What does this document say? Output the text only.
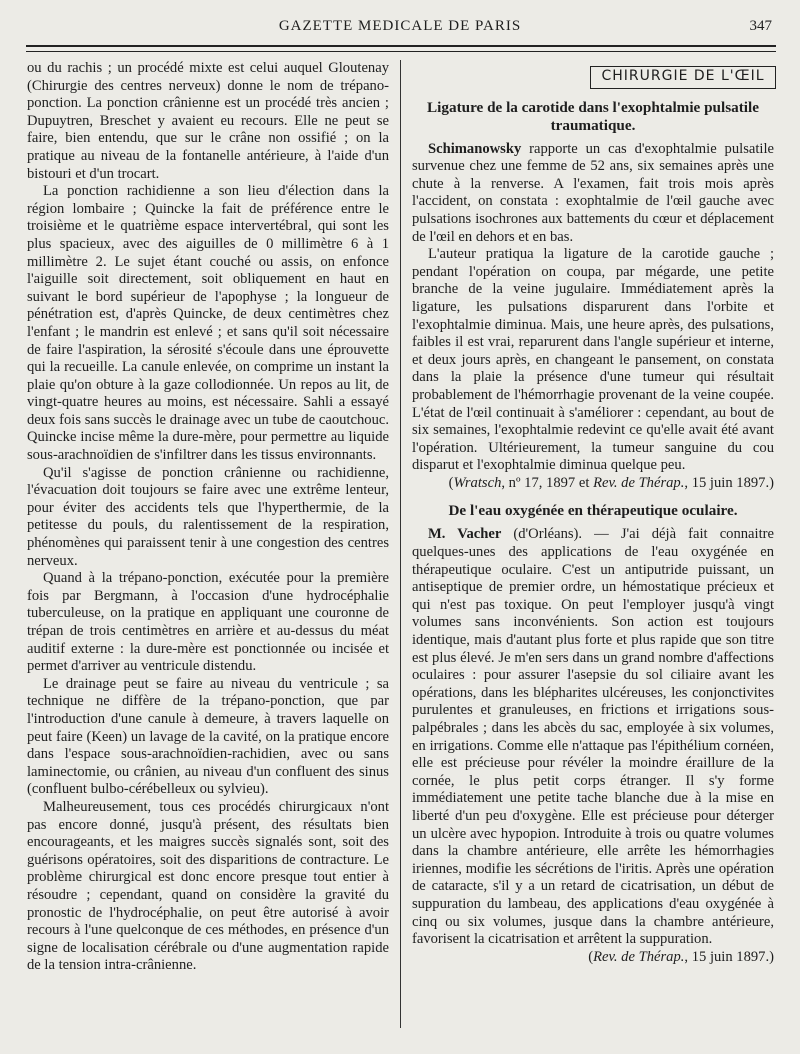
GAZETTE MEDICALE DE PARIS	347

ou du rachis ; un procédé mixte est celui auquel Gloutenay (Chirurgie des centres nerveux) donne le nom de trépano-ponction. La ponction crânienne est un procédé très ancien ; Dupuytren, Breschet y avaient eu recours. Elle ne peut se faire, bien entendu, que sur le crâne non ossifié ; on la pratique au niveau de la fontanelle antérieure, à l'aide d'un bistouri et d'un trocart.

La ponction rachidienne a son lieu d'élection dans la région lombaire ; Quincke la fait de préférence entre le troisième et le quatrième espace intervertébral, qui sont les plus spacieux, avec des aiguilles de 0 millimètre 6 à 1 millimètre 2. Le sujet étant couché ou assis, on enfonce l'aiguille soit directement, soit obliquement en haut en suivant le bord supérieur de l'apophyse ; la longueur de pénétration est, d'après Quincke, de deux centimètres chez l'enfant ; le mandrin est enlevé ; et sans qu'il soit nécessaire de faire l'aspiration, la sérosité s'écoule dans une éprouvette qui la recueille. La canule enlevée, on comprime un instant la plaie qu'on obture à la gaze collodionnée. Un repos au lit, de vingt-quatre heures au moins, est nécessaire. Sahli a essayé deux fois sans succès le drainage avec un tube de caoutchouc. Quincke incise même la dure-mère, pour permettre au liquide sous-arachnoïdien de s'infiltrer dans les tissus environnants.

Qu'il s'agisse de ponction crânienne ou rachidienne, l'évacuation doit toujours se faire avec une extrême lenteur, pour éviter des accidents tels que l'hyperthermie, de la petitesse du pouls, du ralentissement de la respiration, phénomènes qui paraissent tenir à une congestion des centres nerveux.

Quand à la trépano-ponction, exécutée pour la première fois par Bergmann, à l'occasion d'une hydrocéphalie tuberculeuse, on la pratique en appliquant une couronne de trépan de trois centimètres en arrière et au-dessus du méat auditif externe : la dure-mère est ponctionnée ou incisée et permet d'arriver au ventricule distendu.

Le drainage peut se faire au niveau du ventricule ; sa technique ne diffère de la trépano-ponction, que par l'introduction d'une canule à demeure, à travers laquelle on peut faire (Keen) un lavage de la cavité, on la pratique encore dans l'espace sous-arachnoïdien-rachidien, avec ou sans laminectomie, ou crânien, au niveau d'un confluent des sinus (confluent bulbo-cérébelleux ou sylvieu).

Malheureusement, tous ces procédés chirurgicaux n'ont pas encore donné, jusqu'à présent, des résultats bien encourageants, et les maigres succès signalés sont, soit des guérisons opératoires, soit des disparitions de contracture. Le problème chirurgical est donc encore presque tout entier à résoudre ; cependant, quand on considère la gravité du pronostic de l'hydrocéphalie, on peut être autorisé à avoir recours à l'une quelconque de ces méthodes, en présence d'un signe de localisation cérébrale ou d'une augmentation rapide de la tension intra-crânienne.

CHIRURGIE DE L'ŒIL
Ligature de la carotide dans l'exophtalmie pulsatile traumatique.

Schimanowsky rapporte un cas d'exophtalmie pulsatile survenue chez une femme de 52 ans, six semaines après une chute à la renverse. A l'examen, fait trois mois après l'accident, on constata : exophtalmie de l'œil gauche avec pulsations isochrones aux battements du cœur et déplacement de l'œil en dehors et en bas.

L'auteur pratiqua la ligature de la carotide gauche ; pendant l'opération on coupa, par mégarde, une petite branche de la veine jugulaire. Immédiatement après la ligature, les pulsations disparurent dans l'orbite et l'exophtalmie diminua. Mais, une heure après, des pulsations, faibles il est vrai, reparurent dans l'angle supérieur et interne, et deux jours après, en changeant le pansement, on constata dans la plaie la présence d'une tumeur qui résultait probablement de l'hémorrhagie provenant de la veine coupée. L'état de l'œil continuait à s'améliorer : cependant, au bout de six semaines, l'exophtalmie redevint ce qu'elle avait été avant l'opération. Ultérieurement, la tumeur sanguine du cou disparut et l'exophtalmie diminua quelque peu.

(Wratsch, nº 17, 1897 et Rev. de Thérap., 15 juin 1897.)

De l'eau oxygénée en thérapeutique oculaire.

M. Vacher (d'Orléans). — J'ai déjà fait connaitre quelques-unes des applications de l'eau oxygénée en thérapeutique oculaire. C'est un antiputride puissant, un antiseptique de premier ordre, un hémostatique précieux et qui n'est pas toxique. On peut l'employer jusqu'à vingt volumes sans inconvénients. Son action est toujours identique, mais d'autant plus forte et plus rapide que son titre est plus élevé. Je m'en sers dans un grand nombre d'affections oculaires : pour assurer l'asepsie du sol ciliaire avant les opérations, dans les blépharites ulcéreuses, les conjonctivites purulentes et granuleuses, en frictions et irrigations sous-palpébrales ; dans les abcès du sac, employée à six volumes, en irrigations. Comme elle n'attaque pas l'épithélium cornéen, elle est précieuse pour révéler la moindre éraillure de la cornée, le plus petit corps étranger. Il s'y forme immédiatement une petite tache blanche due à la mise en liberté d'un peu d'oxygène. Elle est précieuse pour déterger un ulcère avec hypopion. Introduite à trois ou quatre volumes dans la chambre antérieure, elle arrête les hémorrhagies iriennes, modifie les sécrétions de l'iritis. Après une opération de cataracte, s'il y a un retard de cicatrisation, un début de suppuration du lambeau, des applications d'eau oxygénée à cinq ou six volumes, jusque dans la chambre antérieure, favorisent la cicatrisation et arrêtent la suppuration.

(Rev. de Thérap., 15 juin 1897.)
